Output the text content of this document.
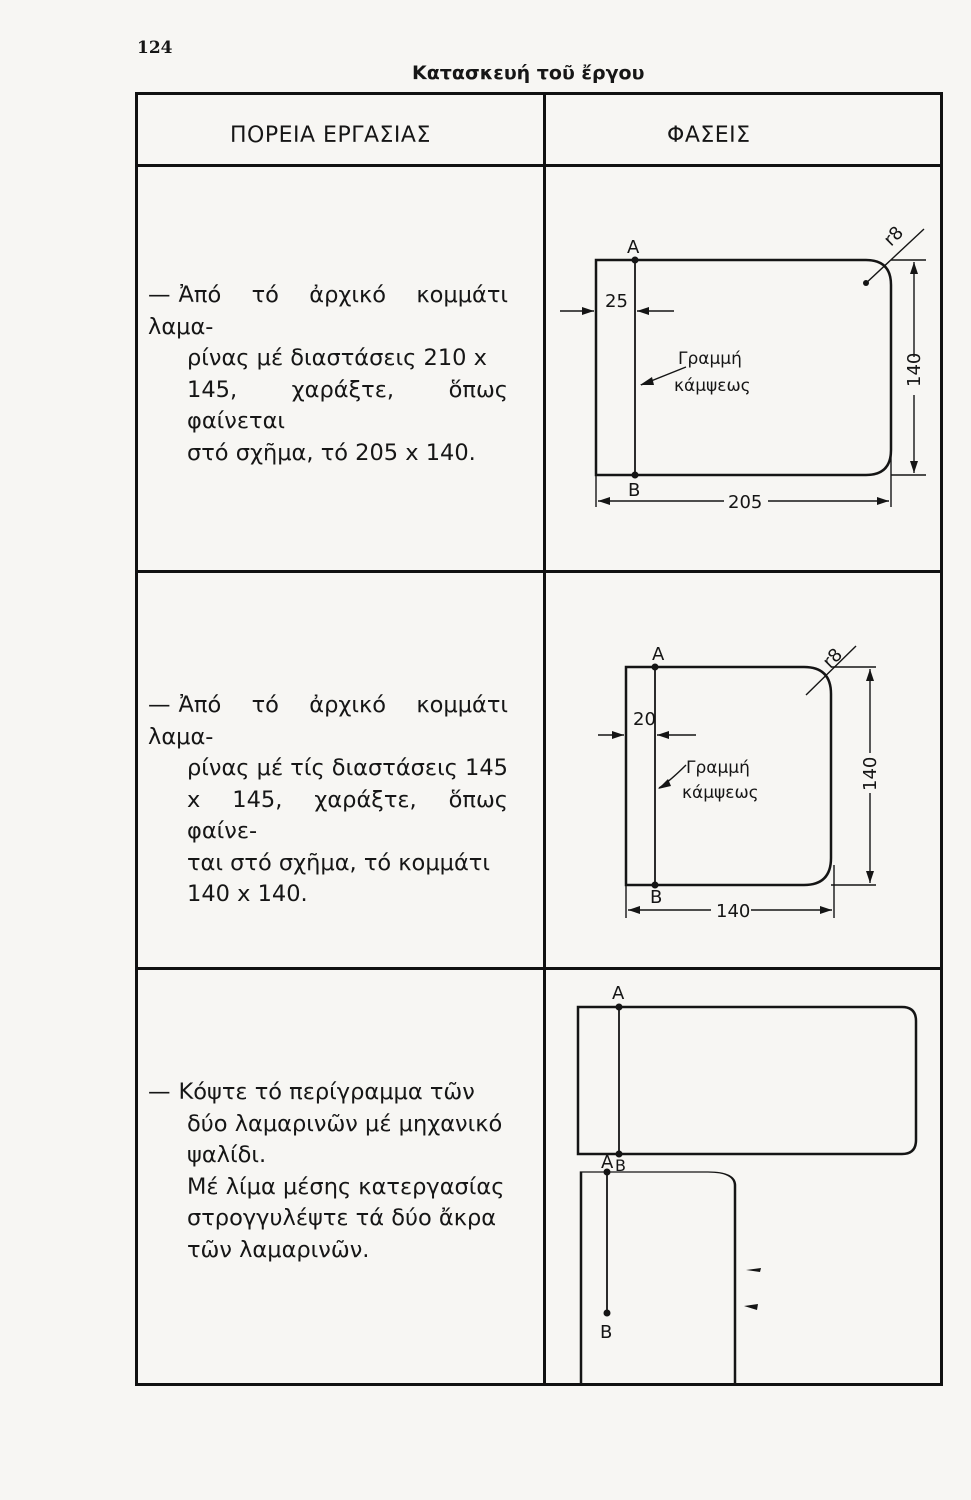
124
Κατασκευή τοῦ ἔργου
ΠΟΡΕΙΑ ΕΡΓΑΣΙΑΣ	ΦΑΣΕΙΣ
— Ἀπό τό ἀρχικό κομμάτι λαμα-
ρίνας μέ διαστάσεις 210 x
145, χαράξτε, ὅπως φαίνεται
στό σχῆμα, τό 205 x 140.
— Ἀπό τό ἀρχικό κομμάτι λαμα-
ρίνας μέ τίς διαστάσεις 145
x 145, χαράξτε, ὅπως φαίνε-
ται στό σχῆμα, τό κομμάτι
140 x 140.
— Κόψτε τό περίγραμμα τῶν
δύο λαμαρινῶν μέ μηχανικό
ψαλίδι.
Μέ λίμα μέσης κατεργασίας
στρογγυλέψτε τά δύο ἄκρα
τῶν λαμαρινῶν.
A
B
25
205
140
r8
Γραμμή
κάμψεως
A
B
20
140
140
r8
Γραμμή
κάμψεως
A
B
A
B
